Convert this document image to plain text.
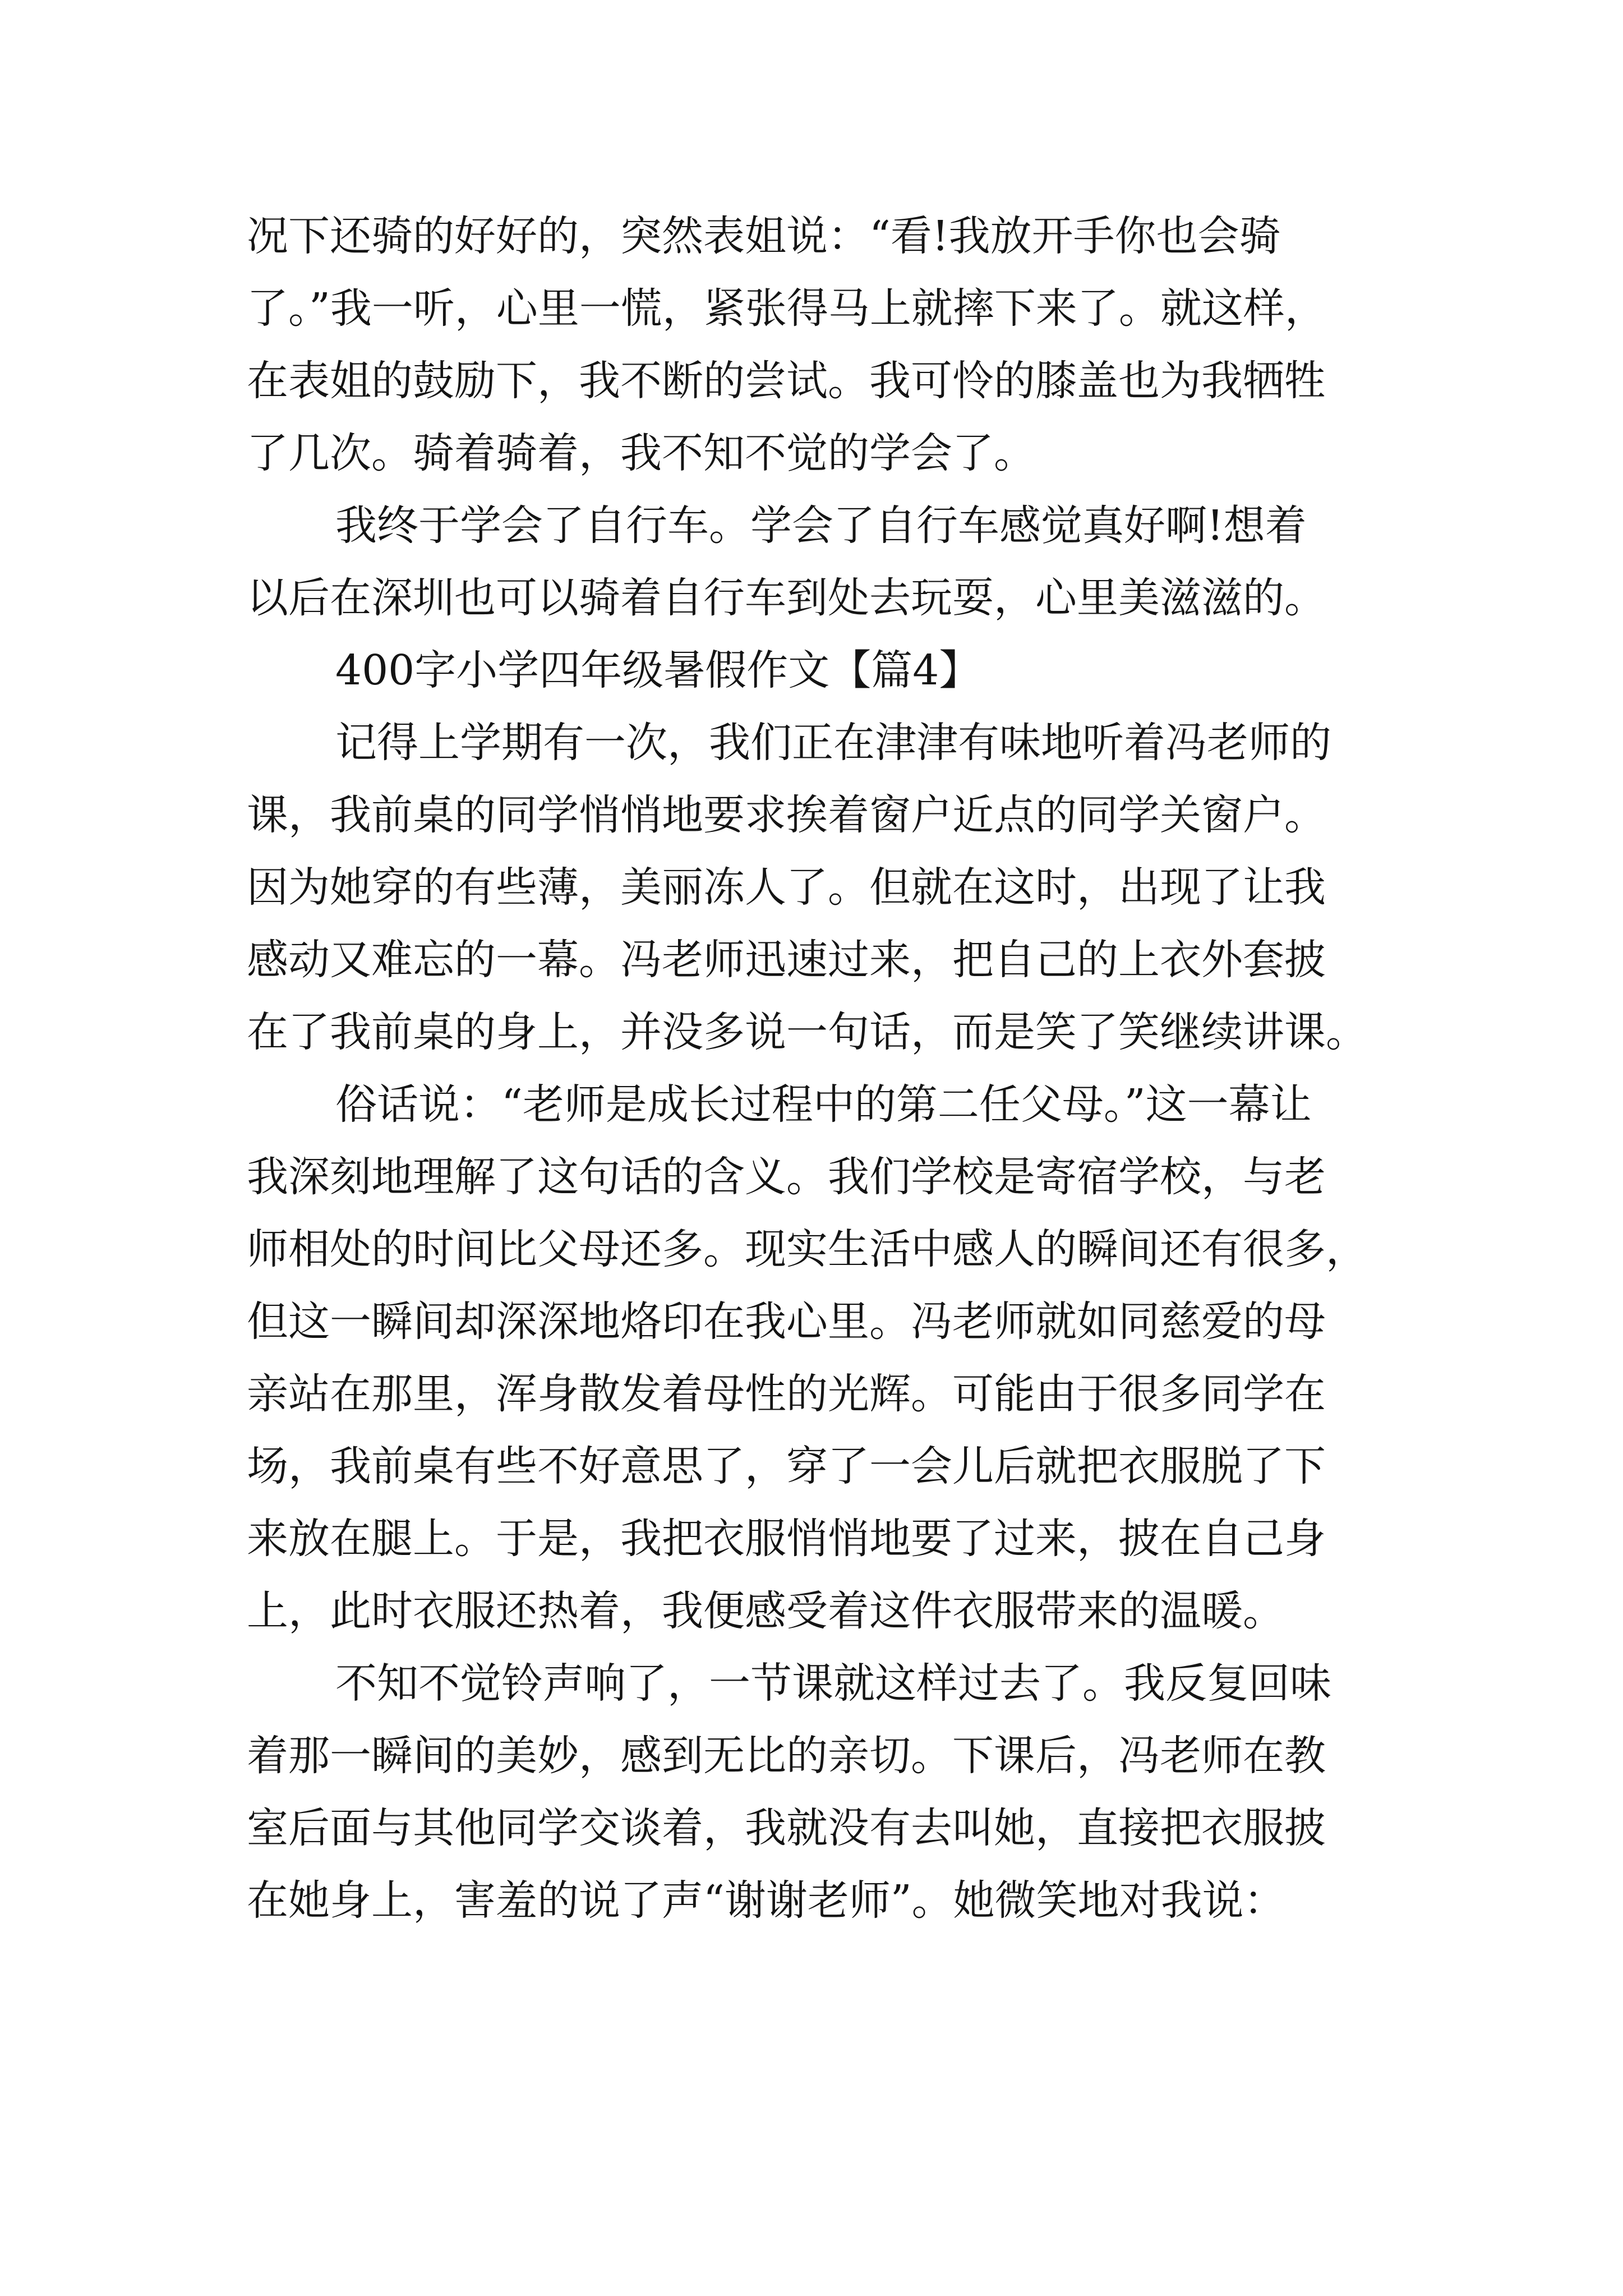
况下还骑的好好的，突然表姐说：“看!我放开手你也会骑
了。”我一听，心里一慌，紧张得马上就摔下来了。就这样，
在表姐的鼓励下，我不断的尝试。我可怜的膝盖也为我牺牲
了几次。骑着骑着，我不知不觉的学会了。
我终于学会了自行车。学会了自行车感觉真好啊!想着
以后在深圳也可以骑着自行车到处去玩耍，心里美滋滋的。
400字小学四年级暑假作文【篇4】
记得上学期有一次，我们正在津津有味地听着冯老师的
课，我前桌的同学悄悄地要求挨着窗户近点的同学关窗户。
因为她穿的有些薄，美丽冻人了。但就在这时，出现了让我
感动又难忘的一幕。冯老师迅速过来，把自己的上衣外套披
在了我前桌的身上，并没多说一句话，而是笑了笑继续讲课。
俗话说：“老师是成长过程中的第二任父母。”这一幕让
我深刻地理解了这句话的含义。我们学校是寄宿学校，与老
师相处的时间比父母还多。现实生活中感人的瞬间还有很多，
但这一瞬间却深深地烙印在我心里。冯老师就如同慈爱的母
亲站在那里，浑身散发着母性的光辉。可能由于很多同学在
场，我前桌有些不好意思了，穿了一会儿后就把衣服脱了下
来放在腿上。于是，我把衣服悄悄地要了过来，披在自己身
上，此时衣服还热着，我便感受着这件衣服带来的温暖。
不知不觉铃声响了，一节课就这样过去了。我反复回味
着那一瞬间的美妙，感到无比的亲切。下课后，冯老师在教
室后面与其他同学交谈着，我就没有去叫她，直接把衣服披
在她身上，害羞的说了声“谢谢老师”。她微笑地对我说：
